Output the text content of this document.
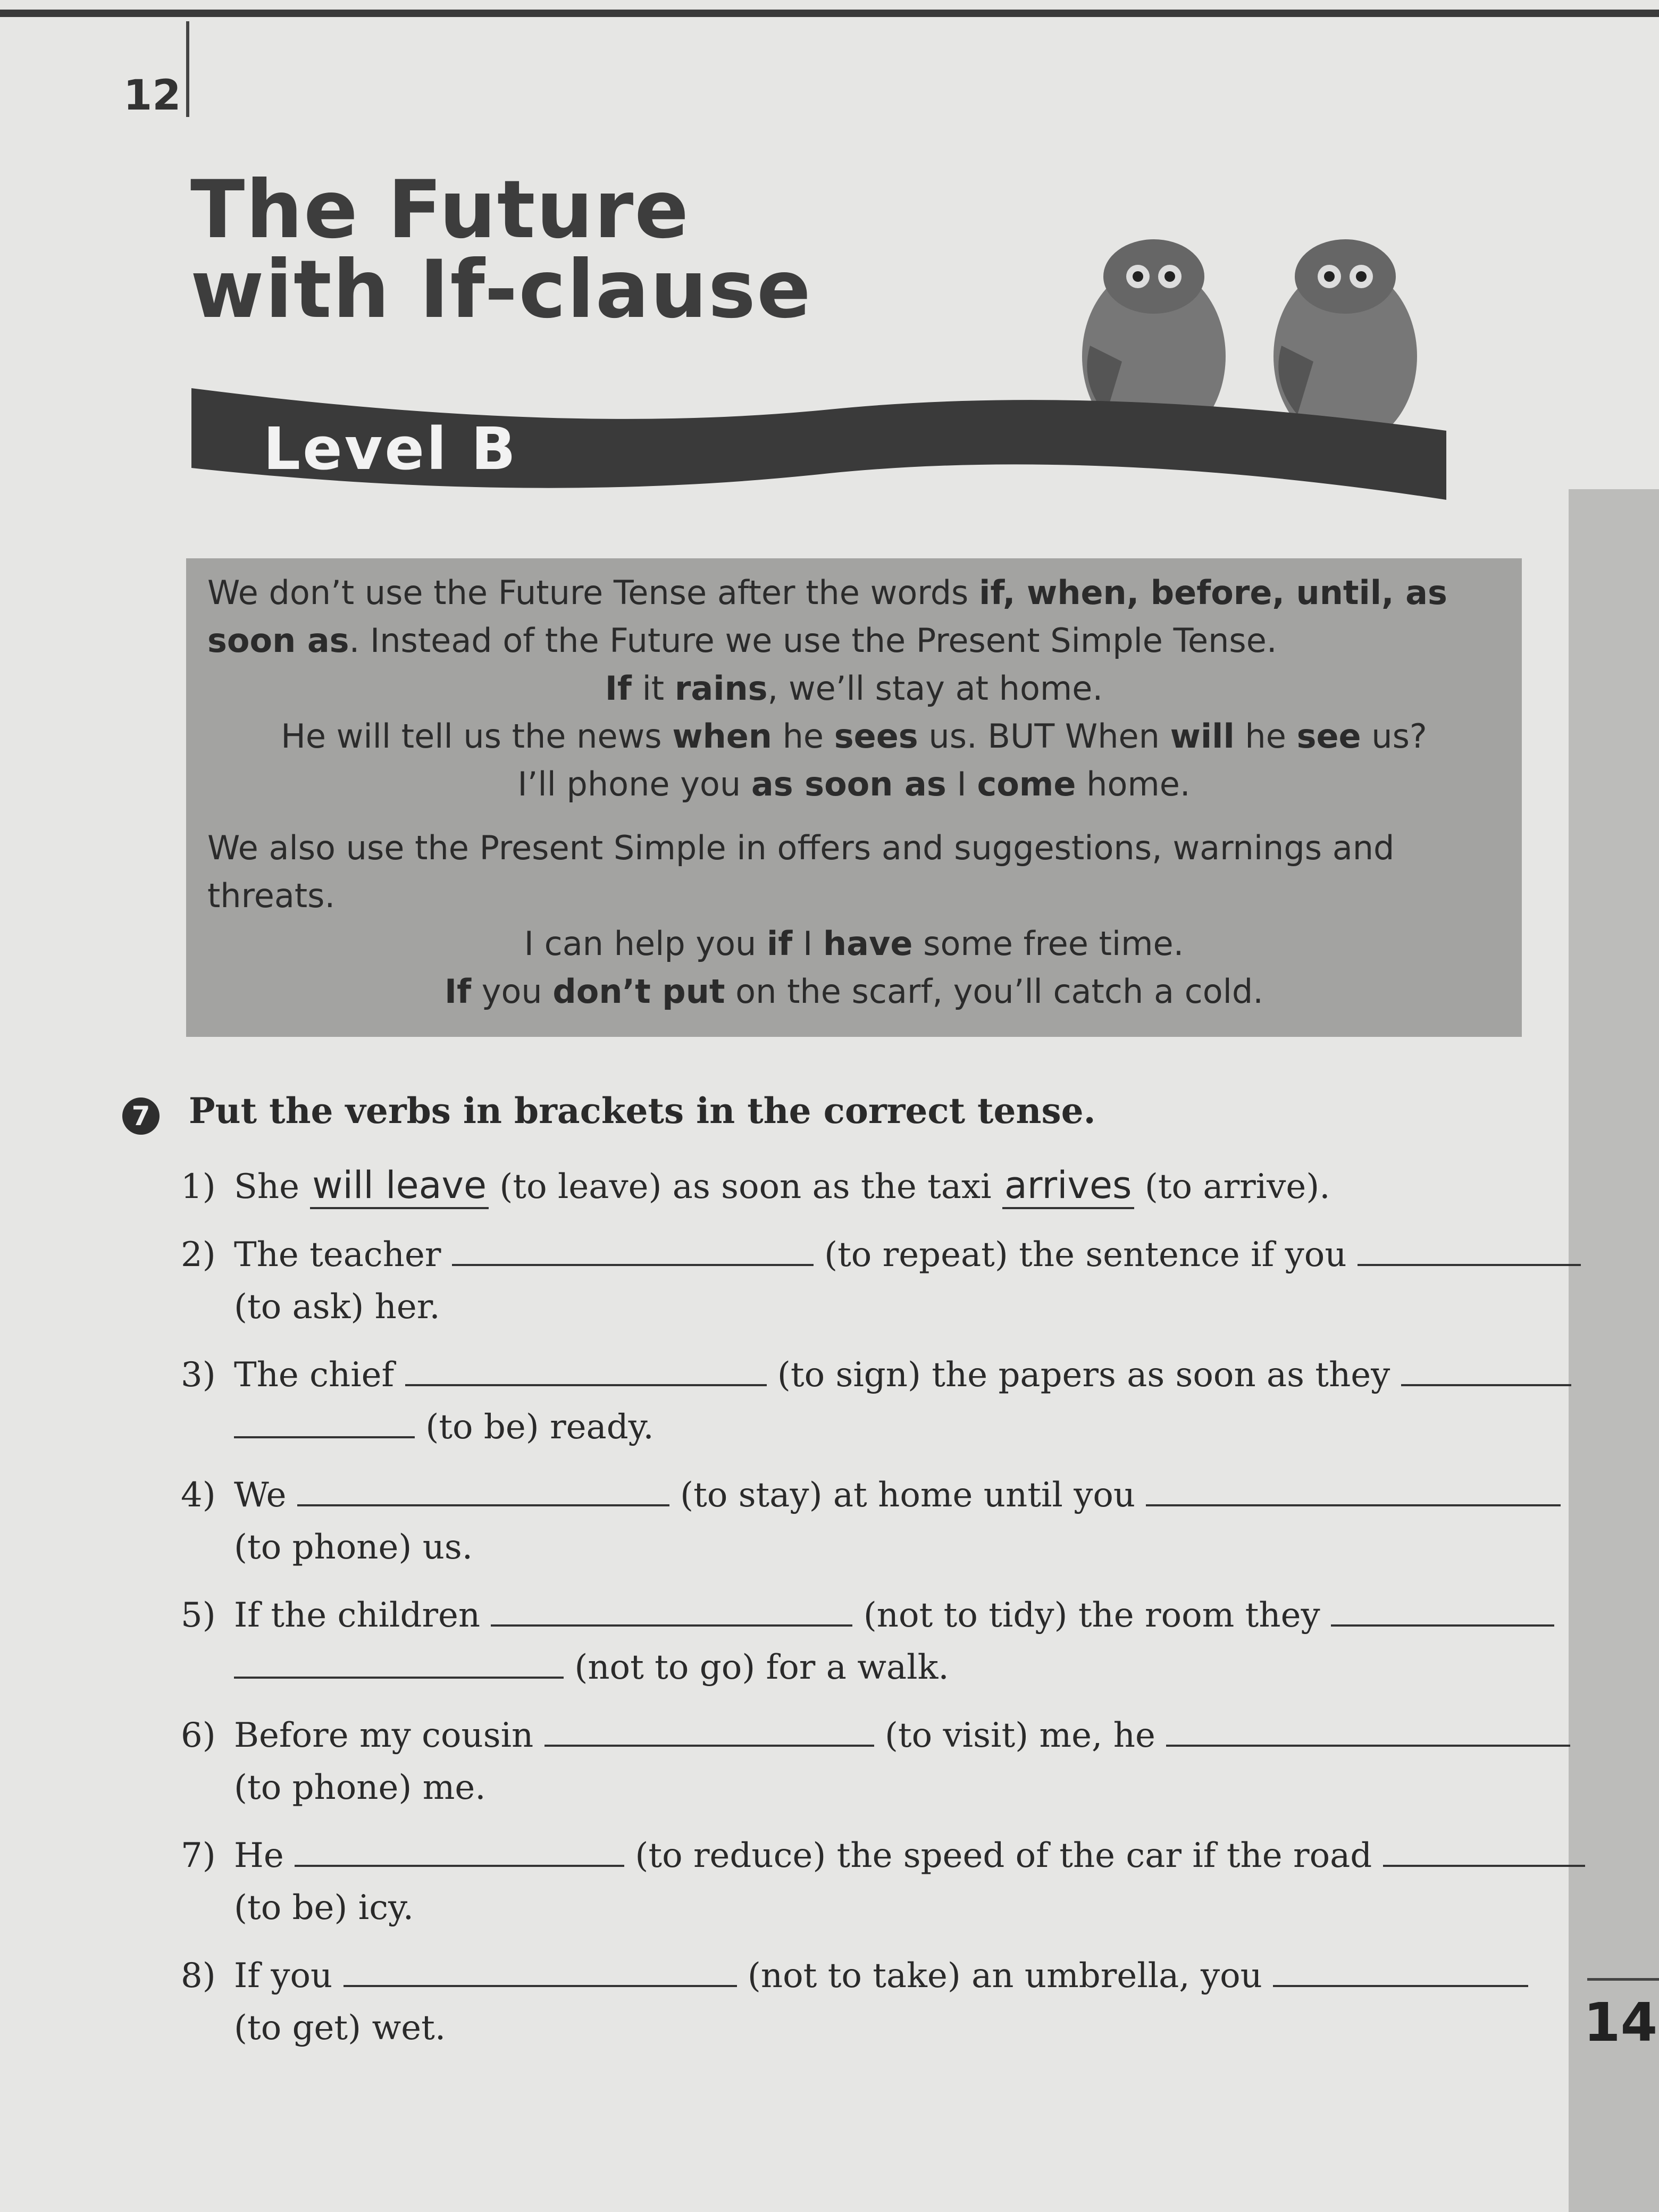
12
The Future
with If-clause
Level B
14

We don’t use the Future Tense after the words if, when, before, until, as soon as. Instead of the Future we use the Present Simple Tense.

If it rains, we’ll stay at home.

He will tell us the news when he sees us. BUT When will he see us?

I’ll phone you as soon as I come home.

We also use the Present Simple in offers and suggestions, warnings and threats.

I can help you if I have some free time.

If you don’t put on the scarf, you’ll catch a cold.

7 Put the verbs in brackets in the correct tense.
1) She will leave (to leave) as soon as the taxi arrives (to arrive).
2) The teacher	(to repeat) the sentence if you
(to ask) her.
3) The chief	(to sign) the papers as soon as they
(to be) ready.
4) We	(to stay) at home until you
(to phone) us.
5) If the children	(not to tidy) the room they
(not to go) for a walk.
6) Before my cousin	(to visit) me, he
(to phone) me.
7) He	(to reduce) the speed of the car if the road
(to be) icy.
8) If you	(not to take) an umbrella, you
(to get) wet.
